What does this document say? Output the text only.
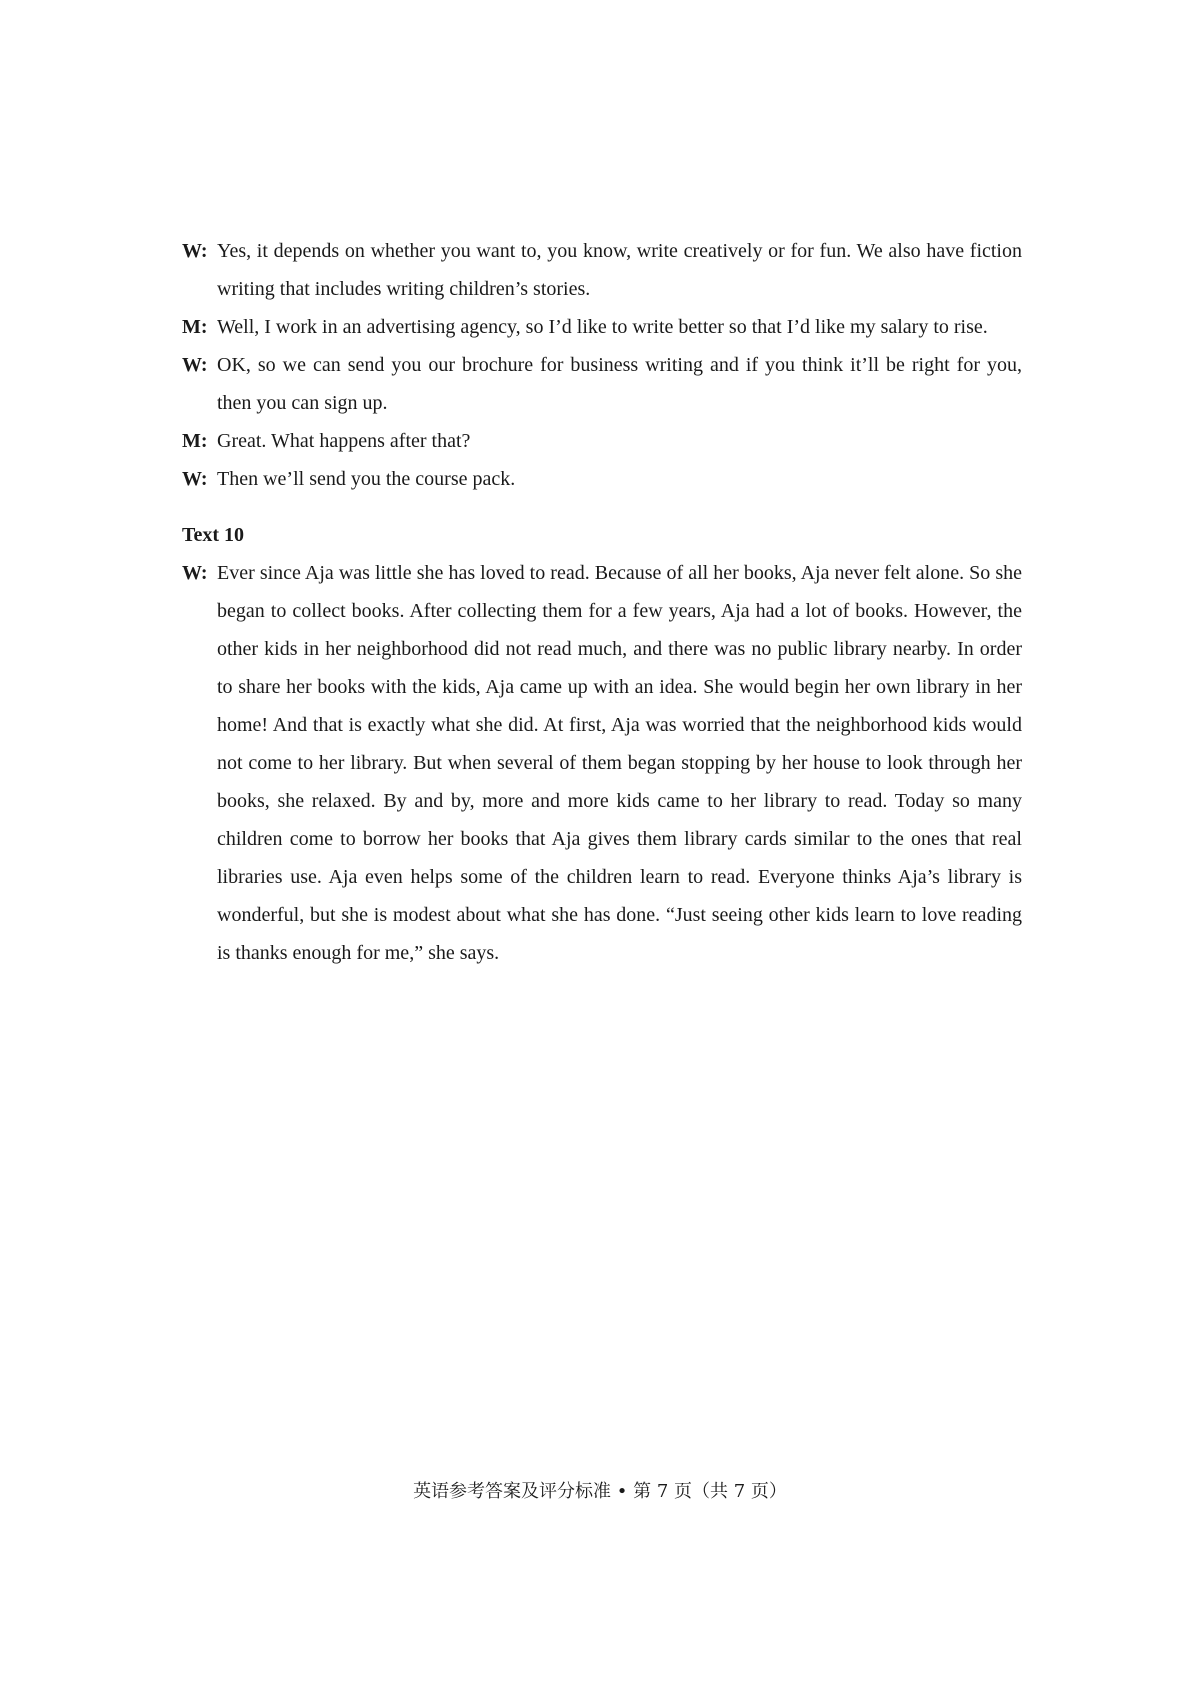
W: Yes, it depends on whether you want to, you know, write creatively or for fun. We also have fiction writing that includes writing children’s stories.
M: Well, I work in an advertising agency, so I’d like to write better so that I’d like my salary to rise.
W: OK, so we can send you our brochure for business writing and if you think it’ll be right for you, then you can sign up.
M: Great. What happens after that?
W: Then we’ll send you the course pack.
Text 10
W: Ever since Aja was little she has loved to read. Because of all her books, Aja never felt alone. So she began to collect books. After collecting them for a few years, Aja had a lot of books. However, the other kids in her neighborhood did not read much, and there was no public library nearby. In order to share her books with the kids, Aja came up with an idea. She would begin her own library in her home! And that is exactly what she did. At first, Aja was worried that the neighborhood kids would not come to her library. But when several of them began stopping by her house to look through her books, she relaxed. By and by, more and more kids came to her library to read. Today so many children come to borrow her books that Aja gives them library cards similar to the ones that real libraries use. Aja even helps some of the children learn to read. Everyone thinks Aja’s library is wonderful, but she is modest about what she has done. “Just seeing other kids learn to love reading is thanks enough for me,” she says.
英语参考答案及评分标准 • 第 7 页（共 7 页）
